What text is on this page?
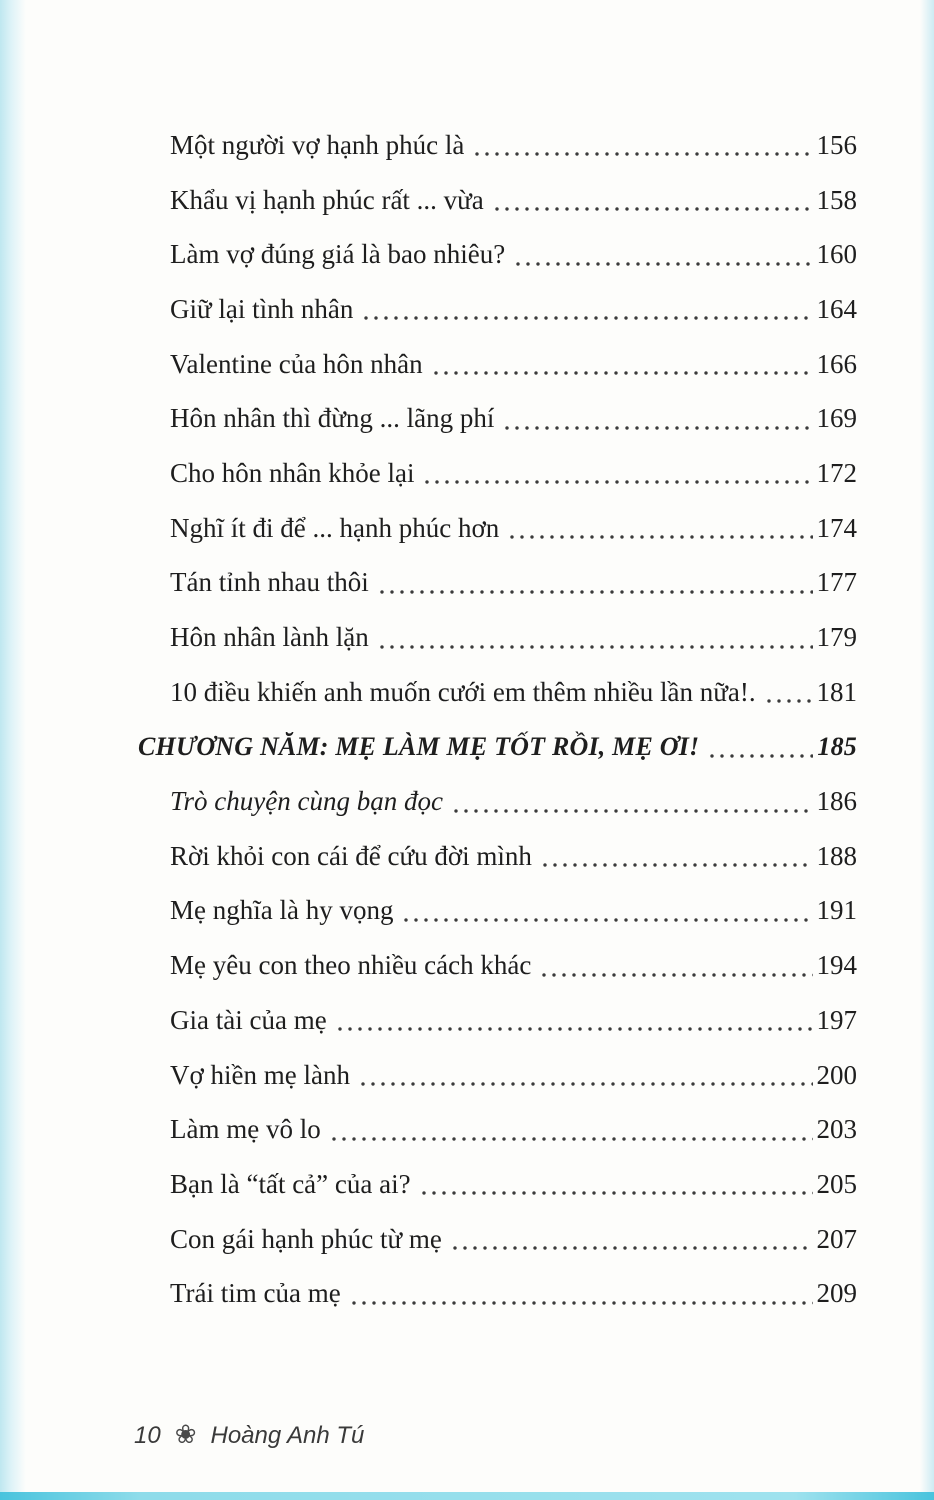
Một người vợ hạnh phúc là	156
Khẩu vị hạnh phúc rất ... vừa	158
Làm vợ đúng giá là bao nhiêu?	160
Giữ lại tình nhân	164
Valentine của hôn nhân	166
Hôn nhân thì đừng ... lãng phí	169
Cho hôn nhân khỏe lại	172
Nghĩ ít đi để ... hạnh phúc hơn	174
Tán tỉnh nhau thôi	177
Hôn nhân lành lặn	179
10 điều khiến anh muốn cưới em thêm nhiều lần nữa!. 181
CHƯƠNG NĂM: MẸ LÀM MẸ TỐT RỒI, MẸ ƠI!	185
Trò chuyện cùng bạn đọc	186
Rời khỏi con cái để cứu đời mình	188
Mẹ nghĩa là hy vọng	191
Mẹ yêu con theo nhiều cách khác	194
Gia tài của mẹ	197
Vợ hiền mẹ lành	200
Làm mẹ vô lo	203
Bạn là “tất cả” của ai?	205
Con gái hạnh phúc từ mẹ	207
Trái tim của mẹ	209
10 ❀ Hoàng Anh Tú
